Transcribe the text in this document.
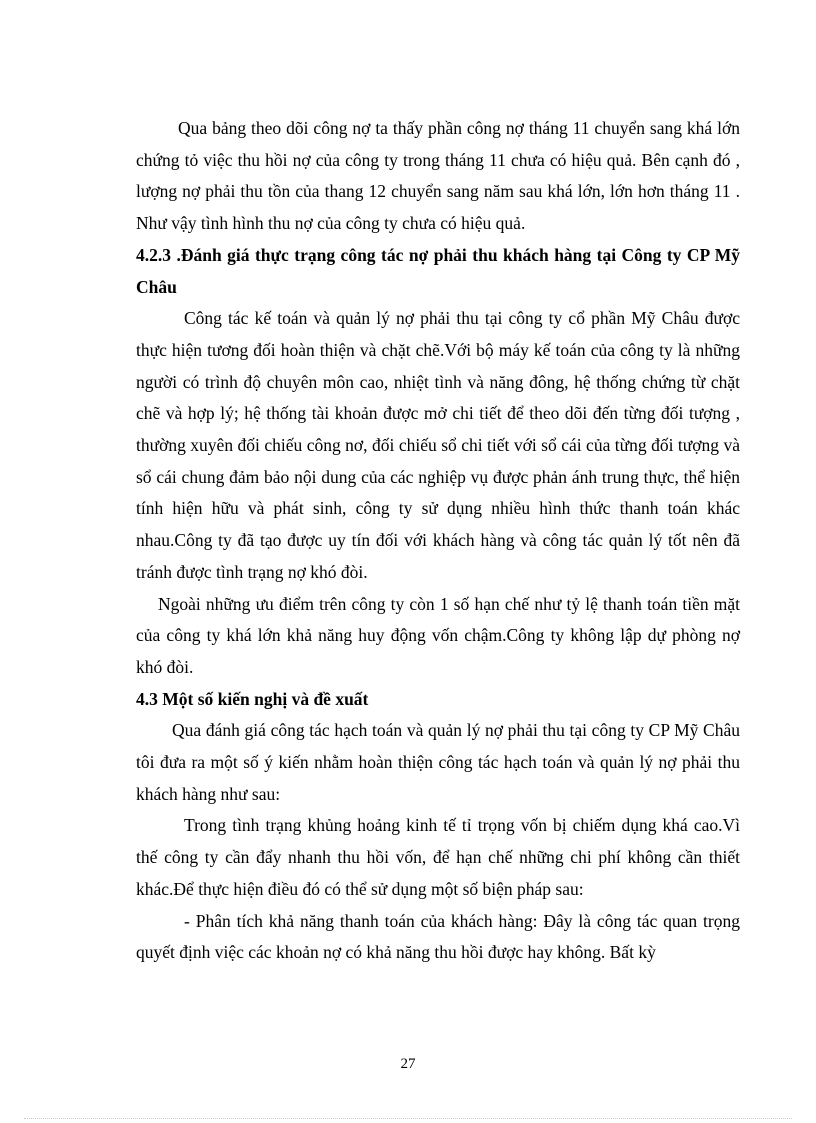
Qua bảng theo dõi công nợ ta thấy phần công nợ tháng 11 chuyển sang khá lớn chứng tỏ việc thu hồi nợ của công ty trong tháng 11 chưa có hiệu quả. Bên cạnh đó , lượng nợ phải thu tồn của thang 12 chuyển sang năm sau khá lớn, lớn hơn tháng 11 . Như vậy tình hình thu nợ của công ty chưa có hiệu quả.

4.2.3 .Đánh giá thực trạng công tác nợ phải thu khách hàng tại Công ty CP Mỹ Châu

Công tác kế toán và quản lý nợ phải thu tại công ty cổ phần Mỹ Châu được thực hiện tương đối hoàn thiện và chặt chẽ.Với bộ máy kế toán của công ty là những người có trình độ chuyên môn cao, nhiệt tình và năng đông, hệ thống chứng từ chặt chẽ và hợp lý; hệ thống tài khoản được mở chi tiết để theo dõi đến từng đối tượng , thường xuyên đối chiếu công nơ, đối chiếu sổ chi tiết với sổ cái của từng đối tượng và sổ cái chung đảm bảo nội dung của các nghiệp vụ được phản ánh trung thực, thể hiện tính hiện hữu và phát sinh, công ty sử dụng nhiều hình thức thanh toán khác nhau.Công ty đã tạo được uy tín đối với khách hàng và công tác quản lý tốt nên đã tránh được tình trạng nợ khó đòi.

Ngoài những ưu điểm trên công ty còn 1 số hạn chế như tỷ lệ thanh toán tiền mặt của công ty khá lớn khả năng huy động vốn chậm.Công ty không lập dự phòng nợ khó đòi.

4.3 Một số kiến nghị và đề xuất

Qua đánh giá công tác hạch toán và quản lý nợ phải thu tại công ty CP Mỹ Châu tôi đưa ra một số ý kiến nhằm hoàn thiện công tác hạch toán và quản lý nợ phải thu khách hàng như sau:

Trong tình trạng khủng hoảng kinh tế tỉ trọng vốn bị chiếm dụng khá cao.Vì thế công ty cần đẩy nhanh thu hồi vốn, để hạn chế những chi phí không cần thiết khác.Để thực hiện điều đó có thể sử dụng một số biện pháp sau:

- Phân tích khả năng thanh toán của khách hàng: Đây là công tác quan trọng quyết định việc các khoản nợ có khả năng thu hồi được hay không. Bất kỳ

27
